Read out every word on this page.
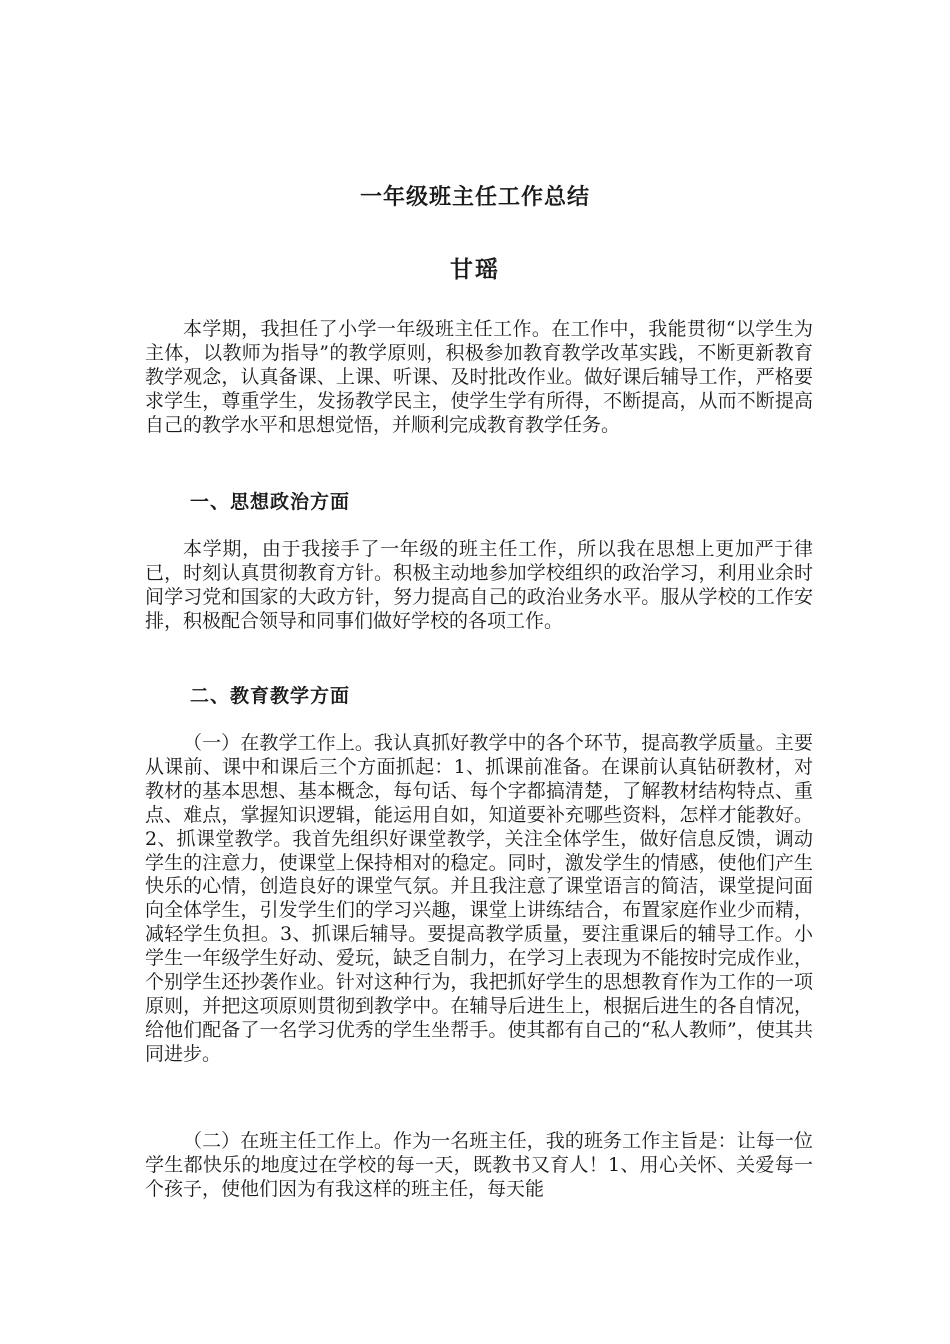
一年级班主任工作总结
甘瑶

本学期，我担任了小学一年级班主任工作。在工作中，我能贯彻“以学生为主体，以教师为指导”的教学原则，积极参加教育教学改革实践，不断更新教育教学观念，认真备课、上课、听课、及时批改作业。做好课后辅导工作，严格要求学生，尊重学生，发扬教学民主，使学生学有所得，不断提高，从而不断提高自己的教学水平和思想觉悟，并顺利完成教育教学任务。

一、思想政治方面

本学期，由于我接手了一年级的班主任工作，所以我在思想上更加严于律已，时刻认真贯彻教育方针。积极主动地参加学校组织的政治学习，利用业余时间学习党和国家的大政方针，努力提高自己的政治业务水平。服从学校的工作安排，积极配合领导和同事们做好学校的各项工作。

二、教育教学方面

（一）在教学工作上。我认真抓好教学中的各个环节，提高教学质量。主要从课前、课中和课后三个方面抓起：1、抓课前准备。在课前认真钻研教材，对教材的基本思想、基本概念，每句话、每个字都搞清楚，了解教材结构特点、重点、难点，掌握知识逻辑，能运用自如，知道要补充哪些资料，怎样才能教好。2、抓课堂教学。我首先组织好课堂教学，关注全体学生，做好信息反馈，调动学生的注意力，使课堂上保持相对的稳定。同时，激发学生的情感，使他们产生快乐的心情，创造良好的课堂气氛。并且我注意了课堂语言的简洁，课堂提问面向全体学生，引发学生们的学习兴趣，课堂上讲练结合，布置家庭作业少而精，减轻学生负担。3、抓课后辅导。要提高教学质量，要注重课后的辅导工作。小学生一年级学生好动、爱玩，缺乏自制力，在学习上表现为不能按时完成作业，个别学生还抄袭作业。针对这种行为，我把抓好学生的思想教育作为工作的一项原则，并把这项原则贯彻到教学中。在辅导后进生上，根据后进生的各自情况，给他们配备了一名学习优秀的学生坐帮手。使其都有自己的“私人教师”，使其共同进步。

（二）在班主任工作上。作为一名班主任，我的班务工作主旨是：让每一位学生都快乐的地度过在学校的每一天，既教书又育人！1、用心关怀、关爱每一个孩子，使他们因为有我这样的班主任，每天能
